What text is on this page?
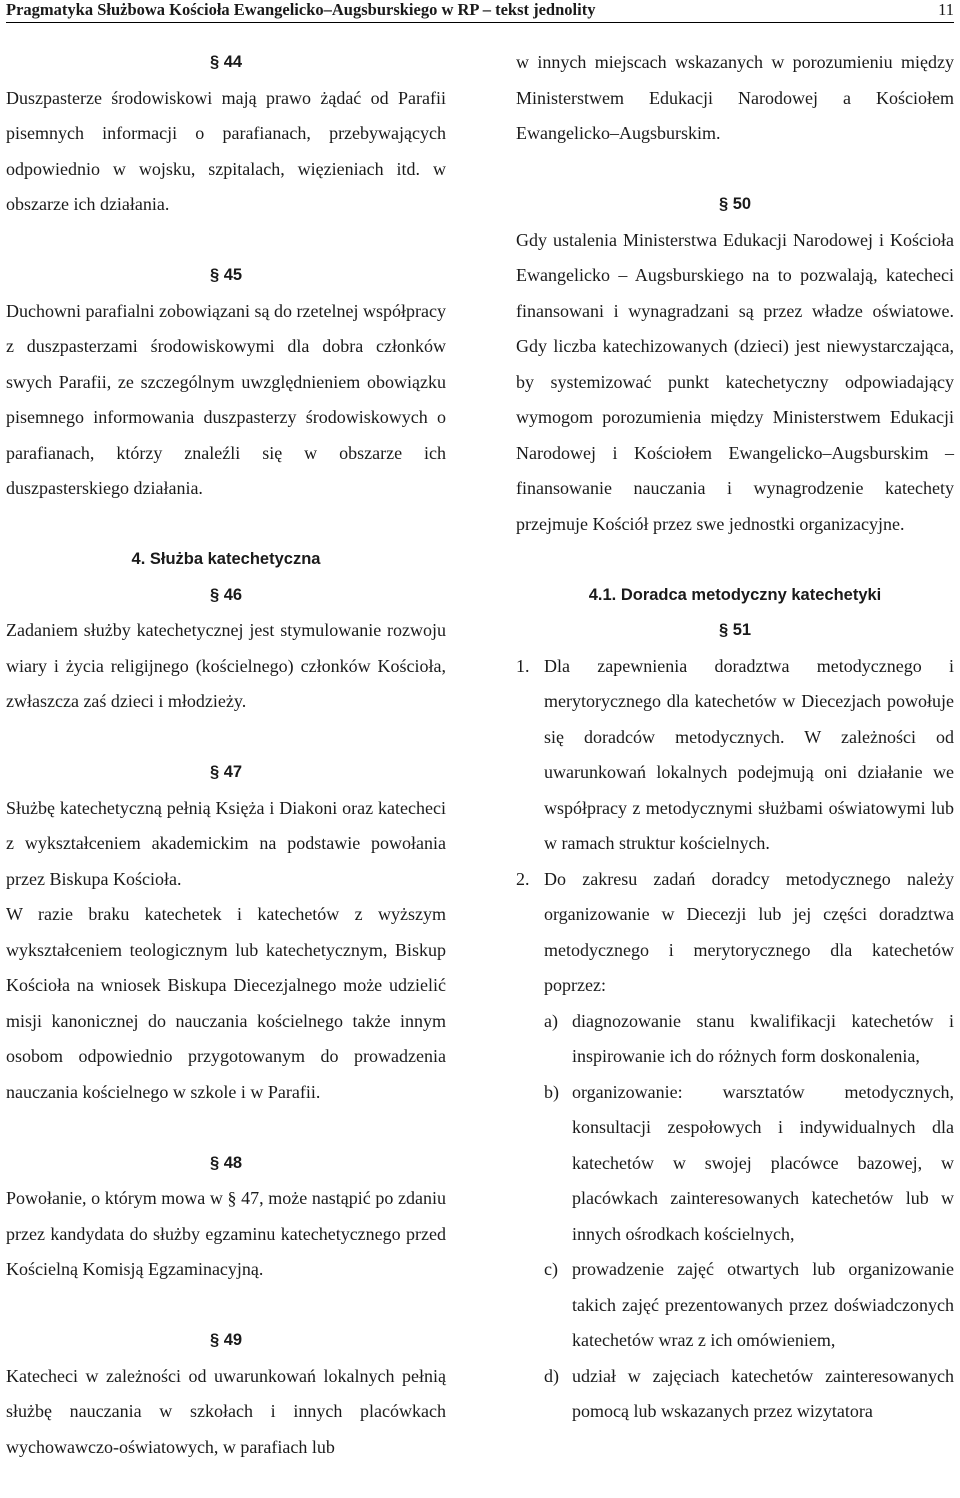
Pragmatyka Służbowa Kościoła Ewangelicko–Augsburskiego w RP – tekst jednolity	11

§ 44

Duszpasterze środowiskowi mają prawo żądać od Parafii pisemnych informacji o parafianach, przebywających odpowiednio w wojsku, szpitalach, więzieniach itd. w obszarze ich działania.

§ 45

Duchowni parafialni zobowiązani są do rzetelnej współpracy z duszpasterzami środowiskowymi dla dobra członków swych Parafii, ze szczególnym uwzględnieniem obowiązku pisemnego informowania duszpasterzy środowiskowych o parafianach, którzy znaleźli się w obszarze ich duszpasterskiego działania.

4. Służba katechetyczna

§ 46

Zadaniem służby katechetycznej jest stymulowanie rozwoju wiary i życia religijnego (kościelnego) członków Kościoła, zwłaszcza zaś dzieci i młodzieży.

§ 47

Służbę katechetyczną pełnią Księża i Diakoni oraz katecheci z wykształceniem akademickim na podstawie powołania przez Biskupa Kościoła.

W razie braku katechetek i katechetów z wyższym wykształceniem teologicznym lub katechetycznym, Biskup Kościoła na wniosek Biskupa Diecezjalnego może udzielić misji kanonicznej do nauczania kościelnego także innym osobom odpowiednio przygotowanym do prowadzenia nauczania kościelnego w szkole i w Parafii.

§ 48

Powołanie, o którym mowa w § 47, może nastąpić po zdaniu przez kandydata do służby egzaminu katechetycznego przed Kościelną Komisją Egzaminacyjną.

§ 49

Katecheci w zależności od uwarunkowań lokalnych pełnią służbę nauczania w szkołach i innych placówkach wychowawczo-oświatowych, w parafiach lub

w innych miejscach wskazanych w porozumieniu między Ministerstwem Edukacji Narodowej a Kościołem Ewangelicko–Augsburskim.

§ 50

Gdy ustalenia Ministerstwa Edukacji Narodowej i Kościoła Ewangelicko – Augsburskiego na to pozwalają, katecheci finansowani i wynagradzani są przez władze oświatowe. Gdy liczba katechizowanych (dzieci) jest niewystarczająca, by systemizować punkt katechetyczny odpowiadający wymogom porozumienia między Ministerstwem Edukacji Narodowej i Kościołem Ewangelicko–Augsburskim – finansowanie nauczania i wynagrodzenie katechety przejmuje Kościół przez swe jednostki organizacyjne.

4.1. Doradca metodyczny katechetyki

§ 51

1. Dla zapewnienia doradztwa metodycznego i merytorycznego dla katechetów w Diecezjach powołuje się doradców metodycznych. W zależności od uwarunkowań lokalnych podejmują oni działanie we współpracy z metodycznymi służbami oświatowymi lub w ramach struktur kościelnych.

2. Do zakresu zadań doradcy metodycznego należy organizowanie w Diecezji lub jej części doradztwa metodycznego i merytorycznego dla katechetów poprzez:

a) diagnozowanie stanu kwalifikacji katechetów i inspirowanie ich do różnych form doskonalenia,

b) organizowanie: warsztatów metodycznych, konsultacji zespołowych i indywidualnych dla katechetów w swojej placówce bazowej, w placówkach zainteresowanych katechetów lub w innych ośrodkach kościelnych,

c) prowadzenie zajęć otwartych lub organizowanie takich zajęć prezentowanych przez doświadczonych katechetów wraz z ich omówieniem,

d) udział w zajęciach katechetów zainteresowanych pomocą lub wskazanych przez wizytatora
